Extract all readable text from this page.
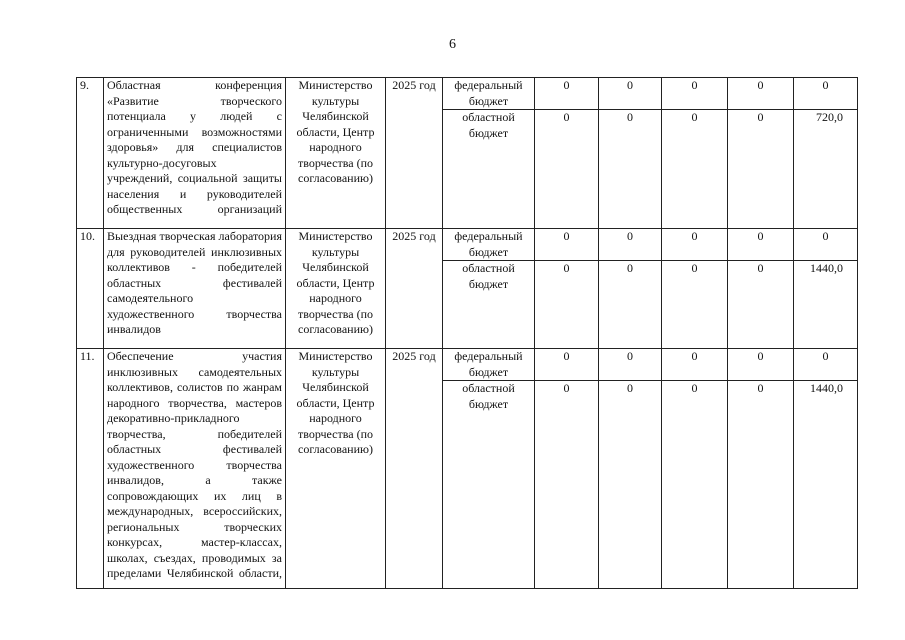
6
9.	Областная конференция «Развитие творческого потенциала у людей с ограниченными возможностями здоровья» для специалистов культурно-досуговых учреждений, социальной защиты населения и руководителей общественных организаций	Министерство культуры Челябинской области, Центр народного творчества (по согласованию)	2025 год	федеральный бюджет	0	0	0	0	0
				областной бюджет	0	0	0	0	720,0
10.	Выездная творческая лаборатория для руководителей инклюзивных коллективов - победителей областных фестивалей самодеятельного художественного творчества инвалидов	Министерство культуры Челябинской области, Центр народного творчества (по согласованию)	2025 год	федеральный бюджет	0	0	0	0	0
				областной бюджет	0	0	0	0	1440,0
11.	Обеспечение участия инклюзивных самодеятельных коллективов, солистов по жанрам народного творчества, мастеров декоративно-прикладного творчества, победителей областных фестивалей художественного творчества инвалидов, а также сопровождающих их лиц в международных, всероссийских, региональных творческих конкурсах, мастер-классах, школах, съездах, проводимых за пределами Челябинской области,	Министерство культуры Челябинской области, Центр народного творчества (по согласованию)	2025 год	федеральный бюджет	0	0	0	0	0
				областной бюджет	0	0	0	0	1440,0
